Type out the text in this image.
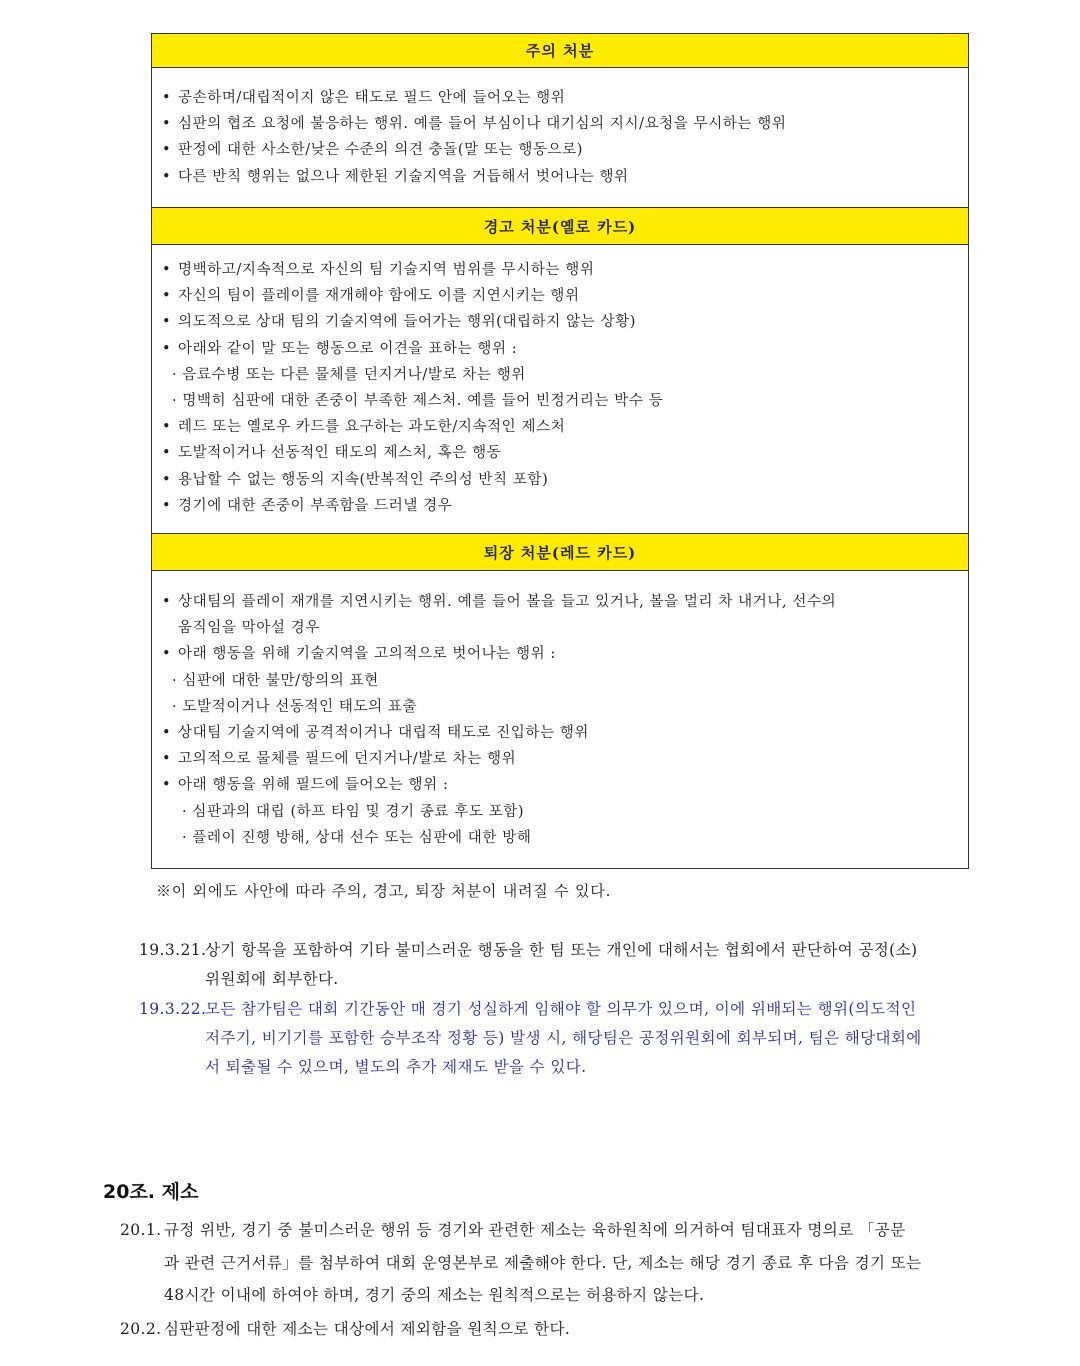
주의 처분
• 공손하며/대립적이지 않은 태도로 필드 안에 들어오는 행위
• 심판의 협조 요청에 불응하는 행위. 예를 들어 부심이나 대기심의 지시/요청을 무시하는 행위
• 판정에 대한 사소한/낮은 수준의 의견 충돌(말 또는 행동으로)
• 다른 반칙 행위는 없으나 제한된 기술지역을 거듭해서 벗어나는 행위
경고 처분(옐로 카드)
• 명백하고/지속적으로 자신의 팀 기술지역 범위를 무시하는 행위
• 자신의 팀이 플레이를 재개해야 함에도 이를 지연시키는 행위
• 의도적으로 상대 팀의 기술지역에 들어가는 행위(대립하지 않는 상황)
• 아래와 같이 말 또는 행동으로 이견을 표하는 행위 :
· 음료수병 또는 다른 물체를 던지거나/발로 차는 행위
· 명백히 심판에 대한 존중이 부족한 제스처. 예를 들어 빈정거리는 박수 등
• 레드 또는 옐로우 카드를 요구하는 과도한/지속적인 제스처
• 도발적이거나 선동적인 태도의 제스처, 혹은 행동
• 용납할 수 없는 행동의 지속(반복적인 주의성 반칙 포함)
• 경기에 대한 존중이 부족함을 드러낼 경우
퇴장 처분(레드 카드)
• 상대팀의 플레이 재개를 지연시키는 행위. 예를 들어 볼을 들고 있거나, 볼을 멀리 차 내거나, 선수의
움직임을 막아설 경우
• 아래 행동을 위해 기술지역을 고의적으로 벗어나는 행위 :
· 심판에 대한 불만/항의의 표현
· 도발적이거나 선동적인 태도의 표출
• 상대팀 기술지역에 공격적이거나 대립적 태도로 진입하는 행위
• 고의적으로 물체를 필드에 던지거나/발로 차는 행위
• 아래 행동을 위해 필드에 들어오는 행위 :
· 심판과의 대립 (하프 타임 및 경기 종료 후도 포함)
· 플레이 진행 방해, 상대 선수 또는 심판에 대한 방해
※이 외에도 사안에 따라 주의, 경고, 퇴장 처분이 내려질 수 있다.
19.3.21.상기 항목을 포함하여 기타 불미스러운 행동을 한 팀 또는 개인에 대해서는 협회에서 판단하여 공정(소)
위원회에 회부한다.
19.3.22.모든 참가팀은 대회 기간동안 매 경기 성실하게 임해야 할 의무가 있으며, 이에 위배되는 행위(의도적인
저주기, 비기기를 포함한 승부조작 정황 등) 발생 시, 해당팀은 공정위원회에 회부되며, 팀은 해당대회에
서 퇴출될 수 있으며, 별도의 추가 제재도 받을 수 있다.
20조. 제소
20.1. 규정 위반, 경기 중 불미스러운 행위 등 경기와 관련한 제소는 육하원칙에 의거하여 팀대표자 명의로 「공문
과 관련 근거서류」를 첨부하여 대회 운영본부로 제출해야 한다. 단, 제소는 해당 경기 종료 후 다음 경기 또는
48시간 이내에 하여야 하며, 경기 중의 제소는 원칙적으로는 허용하지 않는다.
20.2. 심판판정에 대한 제소는 대상에서 제외함을 원칙으로 한다.
